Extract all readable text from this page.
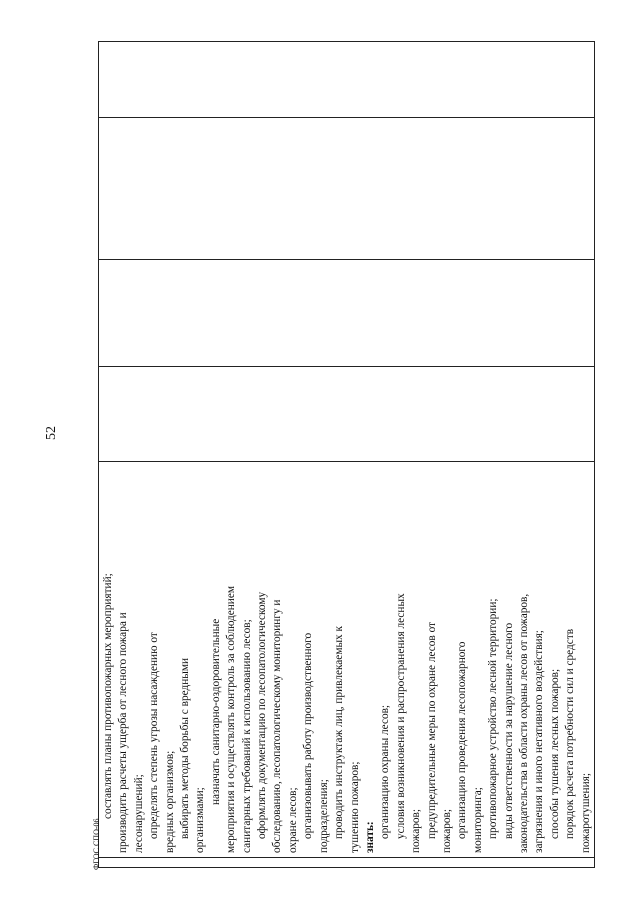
52

составлять планы противопожарных мероприятий; производить расчеты ущерба от лесного пожара и лесонарушений; определять степень угрозы насаждению от вредных организмов; выбирать методы борьбы с вредными организмами;
назначать санитарно-оздоровительные мероприятия и осуществлять контроль за соблюдением санитарных требований к использованию лесов; оформлять документацию по лесопатологическому обследованию, лесопатологическому мониторингу и охране лесов; организовывать работу производственного подразделения; проводить инструктаж лиц, привлекаемых к тушению пожаров; знать: организацию охраны лесов; условия возникновения и распространения лесных пожаров; предупредительные меры по охране лесов от пожаров; организацию проведения лесопожарного мониторинга; противопожарное устройство лесной территории; виды ответственности за нарушение лесного законодательства в области охраны лесов от пожаров, загрязнения и иного негативного воздействия; способы тушения лесных пожаров; порядок расчета потребности сил и средств пожаротушения;

ФГОС СПО-06
